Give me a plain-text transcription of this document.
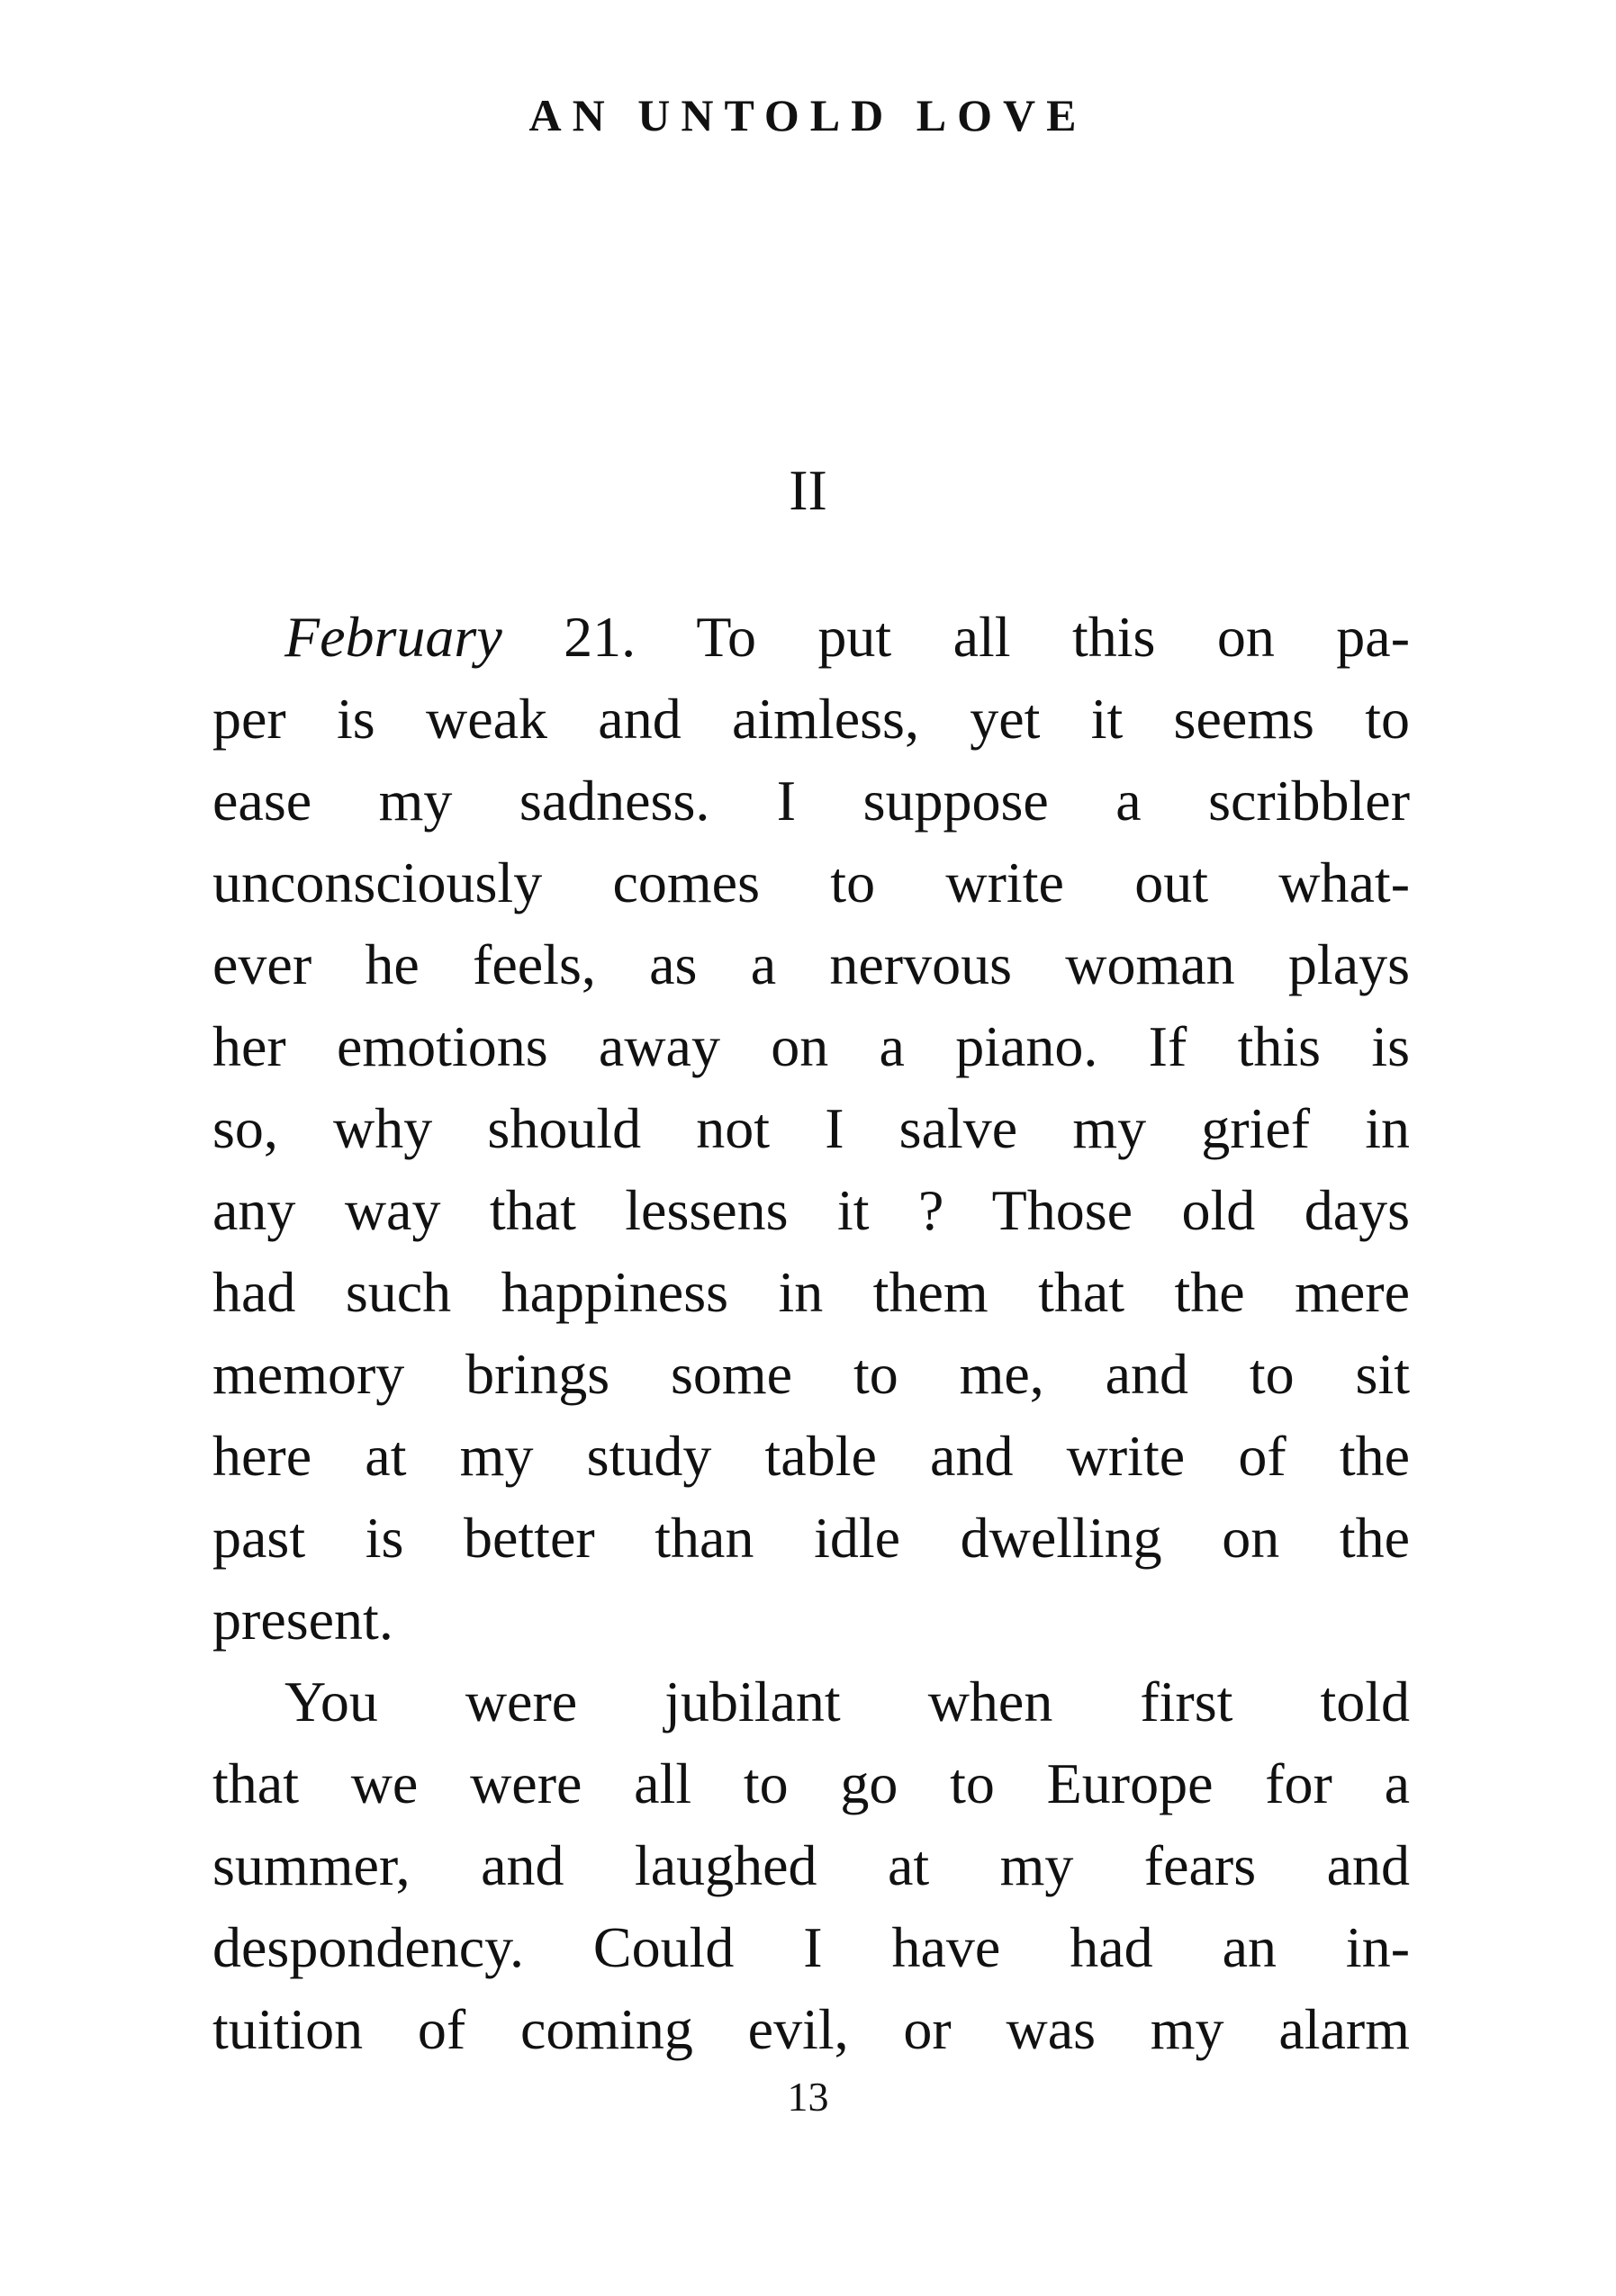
AN UNTOLD LOVE
II
February 21. To put all this on pa-
per is weak and aimless, yet it seems to
ease my sadness. I suppose a scribbler
unconsciously comes to write out what-
ever he feels, as a nervous woman plays
her emotions away on a piano. If this is
so, why should not I salve my grief in
any way that lessens it ? Those old days
had such happiness in them that the mere
memory brings some to me, and to sit
here at my study table and write of the
past is better than idle dwelling on the
present.
You were jubilant when first told
that we were all to go to Europe for a
summer, and laughed at my fears and
despondency. Could I have had an in-
tuition of coming evil, or was my alarm
13
